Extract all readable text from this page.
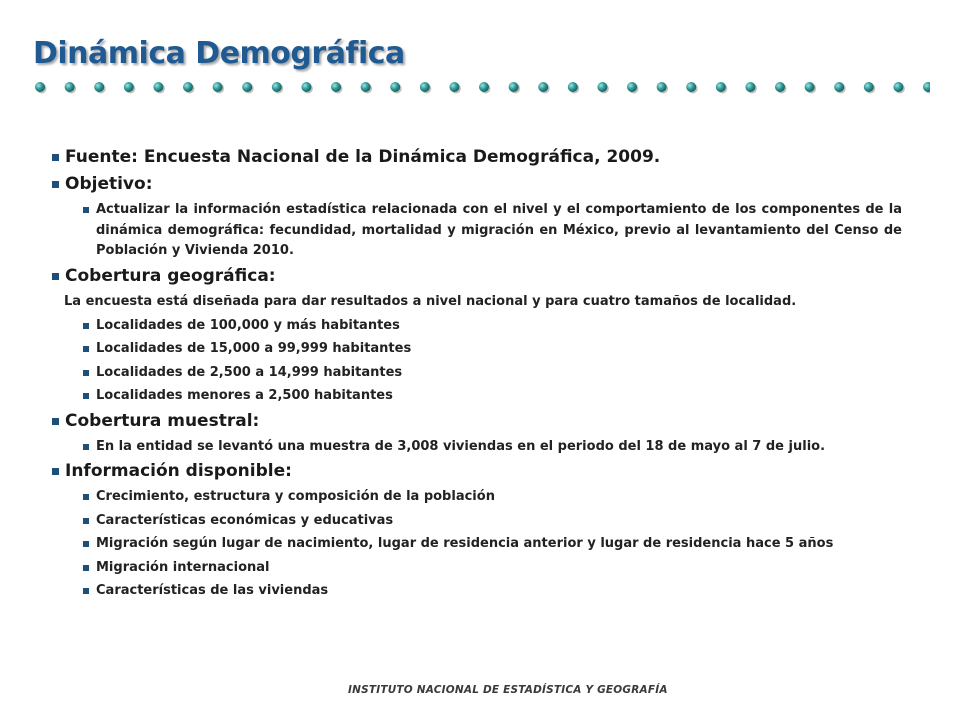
Dinámica Demográfica
Fuente: Encuesta Nacional de la Dinámica Demográfica, 2009.
Objetivo:
Actualizar la información estadística relacionada con el nivel y el comportamiento de los componentes de la dinámica demográfica: fecundidad, mortalidad y migración en México, previo al levantamiento del Censo de Población y Vivienda 2010.
Cobertura geográfica:
La encuesta está diseñada para dar resultados a nivel nacional y para cuatro tamaños de localidad.
Localidades de 100,000 y más habitantes
Localidades de 15,000 a 99,999 habitantes
Localidades de 2,500 a 14,999 habitantes
Localidades menores a 2,500 habitantes
Cobertura muestral:
En la entidad se levantó una muestra de 3,008 viviendas en el periodo del 18 de mayo al 7 de julio.
Información disponible:
Crecimiento, estructura y composición de la población
Características económicas y educativas
Migración según lugar de nacimiento, lugar de residencia anterior y lugar de residencia hace 5 años
Migración internacional
Características de las viviendas
INSTITUTO NACIONAL DE ESTADÍSTICA Y GEOGRAFÍA
